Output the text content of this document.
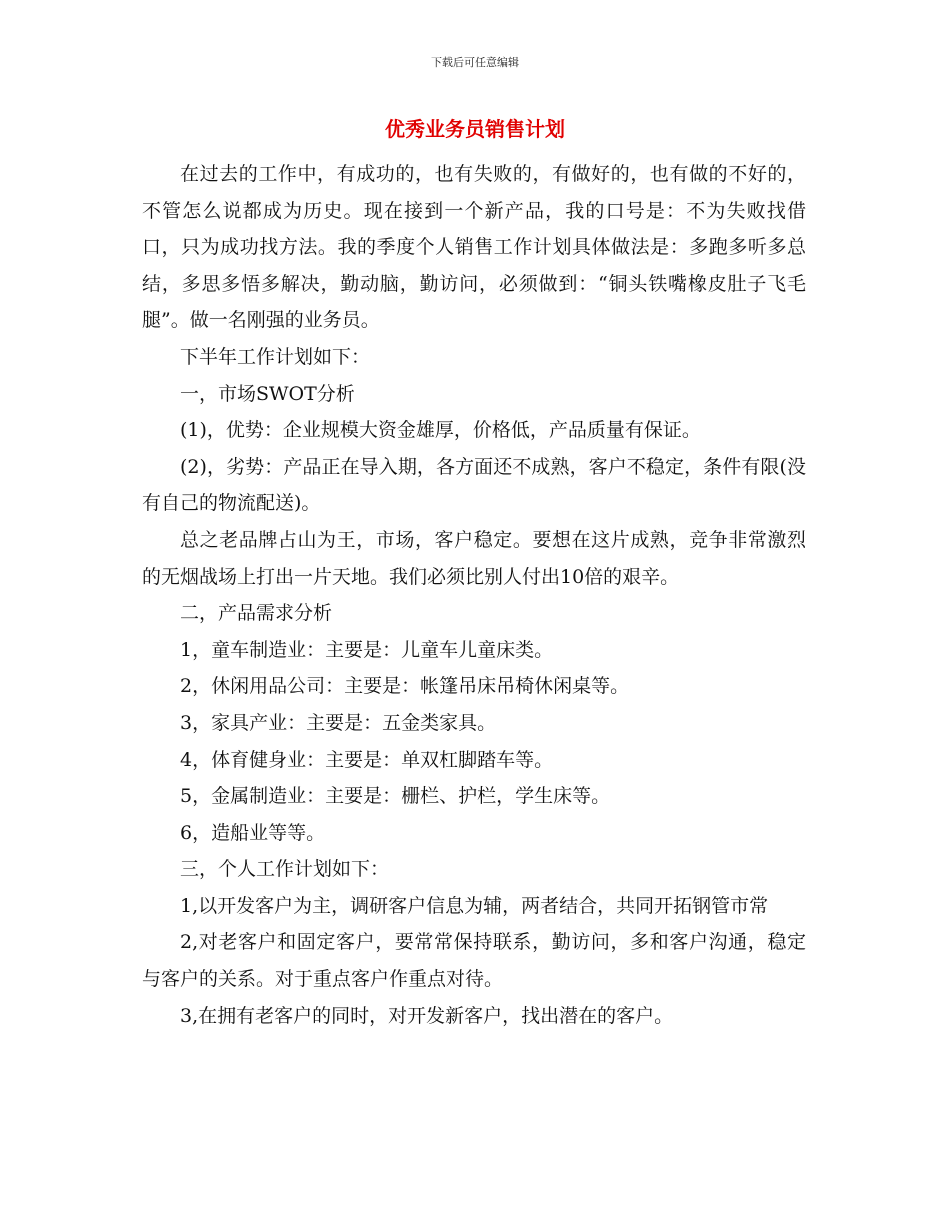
下载后可任意编辑
优秀业务员销售计划

在过去的工作中，有成功的，也有失败的，有做好的，也有做的不好的，不管怎么说都成为历史。现在接到一个新产品，我的口号是：不为失败找借口，只为成功找方法。我的季度个人销售工作计划具体做法是：多跑多听多总结，多思多悟多解决，勤动脑，勤访问，必须做到：“铜头铁嘴橡皮肚子飞毛腿”。做一名刚强的业务员。

下半年工作计划如下：

一，市场SWOT分析

(1)，优势：企业规模大资金雄厚，价格低，产品质量有保证。

(2)，劣势：产品正在导入期，各方面还不成熟，客户不稳定，条件有限(没有自己的物流配送)。

总之老品牌占山为王，市场，客户稳定。要想在这片成熟，竞争非常激烈的无烟战场上打出一片天地。我们必须比别人付出10倍的艰辛。

二，产品需求分析

1，童车制造业：主要是：儿童车儿童床类。

2，休闲用品公司：主要是：帐篷吊床吊椅休闲桌等。

3，家具产业：主要是：五金类家具。

4，体育健身业：主要是：单双杠脚踏车等。

5，金属制造业：主要是：栅栏、护栏，学生床等。

6，造船业等等。

三，个人工作计划如下：

1,以开发客户为主，调研客户信息为辅，两者结合，共同开拓钢管市常

2,对老客户和固定客户，要常常保持联系，勤访问，多和客户沟通，稳定与客户的关系。对于重点客户作重点对待。

3,在拥有老客户的同时，对开发新客户，找出潜在的客户。
